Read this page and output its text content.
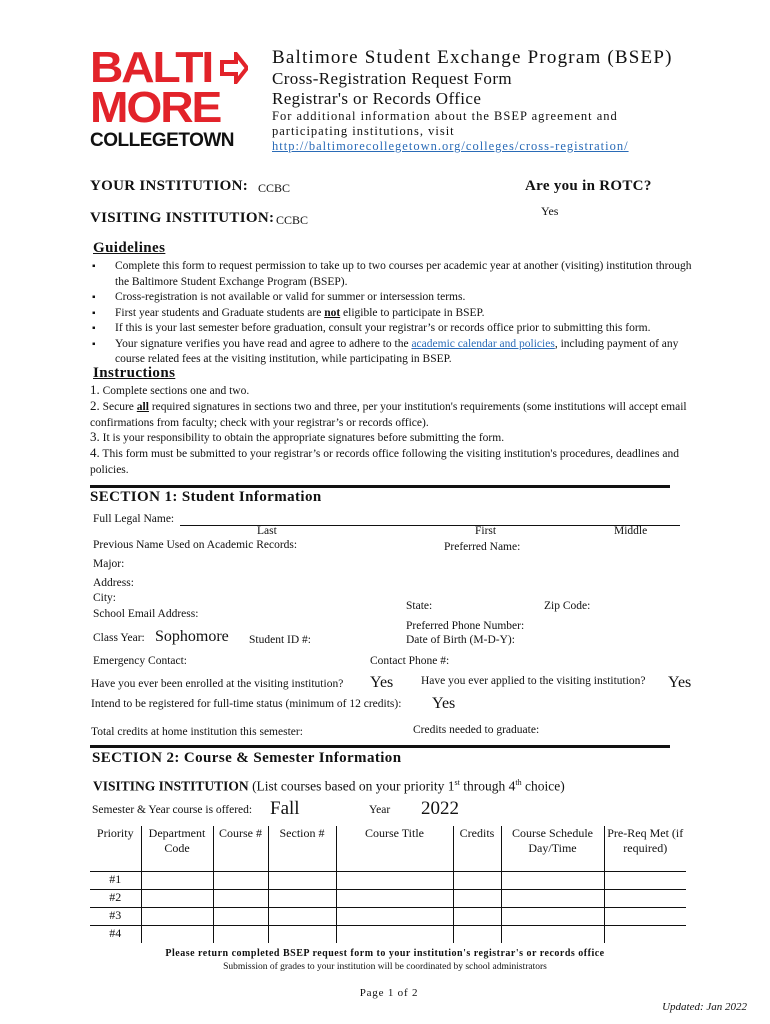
BALTI
MORE
COLLEGETOWN
Baltimore Student Exchange Program (BSEP)
Cross-Registration Request Form
Registrar's or Records Office
For additional information about the BSEP agreement and
participating institutions, visit
http://baltimorecollegetown.org/colleges/cross-registration/
YOUR INSTITUTION: CCBC	Are you in ROTC?
Yes
VISITING INSTITUTION: CCBC
Guidelines
▪ Complete this form to request permission to take up to two courses per academic year at another (visiting) institution through the Baltimore Student Exchange Program (BSEP).
▪ Cross-registration is not available or valid for summer or intersession terms.
▪ First year students and Graduate students are not eligible to participate in BSEP.
▪ If this is your last semester before graduation, consult your registrar’s or records office prior to submitting this form.
▪ Your signature verifies you have read and agree to adhere to the academic calendar and policies, including payment of any course related fees at the visiting institution, while participating in BSEP.
Instructions
1. Complete sections one and two.
2. Secure all required signatures in sections two and three, per your institution's requirements (some institutions will accept email confirmations from faculty; check with your registrar’s or records office).
3. It is your responsibility to obtain the appropriate signatures before submitting the form.
4. This form must be submitted to your registrar’s or records office following the visiting institution's procedures, deadlines and policies.
SECTION 1: Student Information
Full Legal Name:
Last	First	Middle
Previous Name Used on Academic Records:	Preferred Name:
Major:
Address:
City:
State:	Zip Code:
School Email Address:
Preferred Phone Number:
Class Year: Sophomore Student ID #:	Date of Birth (M-D-Y):
Emergency Contact:	Contact Phone #:
Have you ever been enrolled at the visiting institution? Yes Have you ever applied to the visiting institution? Yes
Intend to be registered for full-time status (minimum of 12 credits): Yes
Total credits at home institution this semester:	Credits needed to graduate:
SECTION 2: Course & Semester Information
VISITING INSTITUTION (List courses based on your priority 1st through 4th choice)
Semester & Year course is offered: Fall	Year 2022
Priority	Department Code	Course #	Section #	Course Title	Credits	Course Schedule Day/Time	Pre-Req Met (if required)
#1							
#2							
#3							
#4							
Please return completed BSEP request form to your institution's registrar's or records office
Submission of grades to your institution will be coordinated by school administrators
Page 1 of 2
Updated: Jan 2022
